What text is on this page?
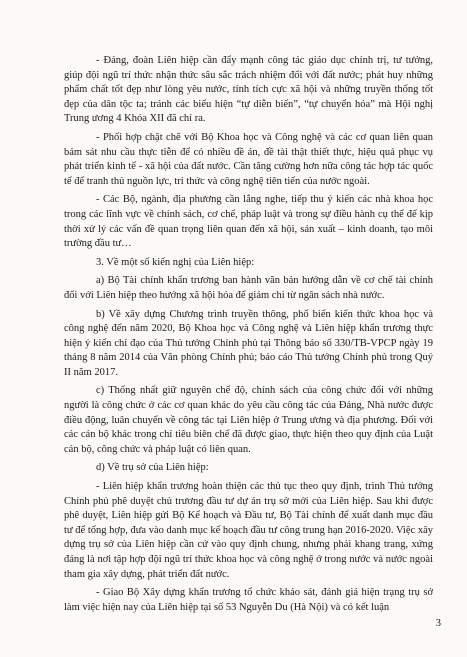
- Đảng, đoàn Liên hiệp cần đẩy mạnh công tác giáo dục chính trị, tư tưởng, giúp đội ngũ trí thức nhận thức sâu sắc trách nhiệm đối với đất nước; phát huy những phẩm chất tốt đẹp như lòng yêu nước, tính tích cực xã hội và những truyền thống tốt đẹp của dân tộc ta; tránh các biểu hiện “tự diễn biến”, “tự chuyển hóa” mà Hội nghị Trung ương 4 Khóa XII đã chỉ ra.

- Phối hợp chặt chẽ với Bộ Khoa học và Công nghệ và các cơ quan liên quan bám sát nhu cầu thực tiễn để có nhiều đề án, đề tài thật thiết thực, hiệu quả phục vụ phát triển kinh tế - xã hội của đất nước. Cần tăng cường hơn nữa công tác hợp tác quốc tế để tranh thủ nguồn lực, tri thức và công nghệ tiên tiến của nước ngoài.

- Các Bộ, ngành, địa phương cần lắng nghe, tiếp thu ý kiến các nhà khoa học trong các lĩnh vực về chính sách, cơ chế, pháp luật và trong sự điều hành cụ thể để kịp thời xử lý các vấn đề quan trọng liên quan đến xã hội, sản xuất – kinh doanh, tạo môi trường đầu tư…

3. Về một số kiến nghị của Liên hiệp:

a) Bộ Tài chính khẩn trương ban hành văn bản hướng dẫn về cơ chế tài chính đối với Liên hiệp theo hướng xã hội hóa để giảm chi từ ngân sách nhà nước.

b) Về xây dựng Chương trình truyền thông, phổ biến kiến thức khoa học và công nghệ đến năm 2020, Bộ Khoa học và Công nghệ và Liên hiệp khẩn trương thực hiện ý kiến chỉ đạo của Thủ tướng Chính phủ tại Thông báo số 330/TB-VPCP ngày 19 tháng 8 năm 2014 của Văn phòng Chính phủ; báo cáo Thủ tướng Chính phủ trong Quý II năm 2017.

c) Thống nhất giữ nguyên chế độ, chính sách của công chức đối với những người là công chức ở các cơ quan khác do yêu cầu công tác của Đảng, Nhà nước được điều động, luân chuyển về công tác tại Liên hiệp ở Trung ương và địa phương. Đối với các cán bộ khác trong chỉ tiêu biên chế đã được giao, thực hiện theo quy định của Luật cán bộ, công chức và pháp luật có liên quan.

d) Về trụ sở của Liên hiệp:

- Liên hiệp khẩn trương hoàn thiện các thủ tục theo quy định, trình Thủ tướng Chính phủ phê duyệt chủ trương đầu tư dự án trụ sở mới của Liên hiệp. Sau khi được phê duyệt, Liên hiệp gửi Bộ Kế hoạch và Đầu tư, Bộ Tài chính để xuất danh mục đầu tư để tổng hợp, đưa vào danh mục kế hoạch đầu tư công trung hạn 2016-2020. Việc xây dựng trụ sở của Liên hiệp cần cứ vào quy định chung, nhưng phải khang trang, xứng đáng là nơi tập hợp đội ngũ trí thức khoa học và công nghệ ở trong nước và nước ngoài tham gia xây dựng, phát triển đất nước.

- Giao Bộ Xây dựng khẩn trương tổ chức khảo sát, đánh giá hiện trạng trụ sở làm việc hiện nay của Liên hiệp tại số 53 Nguyễn Du (Hà Nội) và có kết luận

3
